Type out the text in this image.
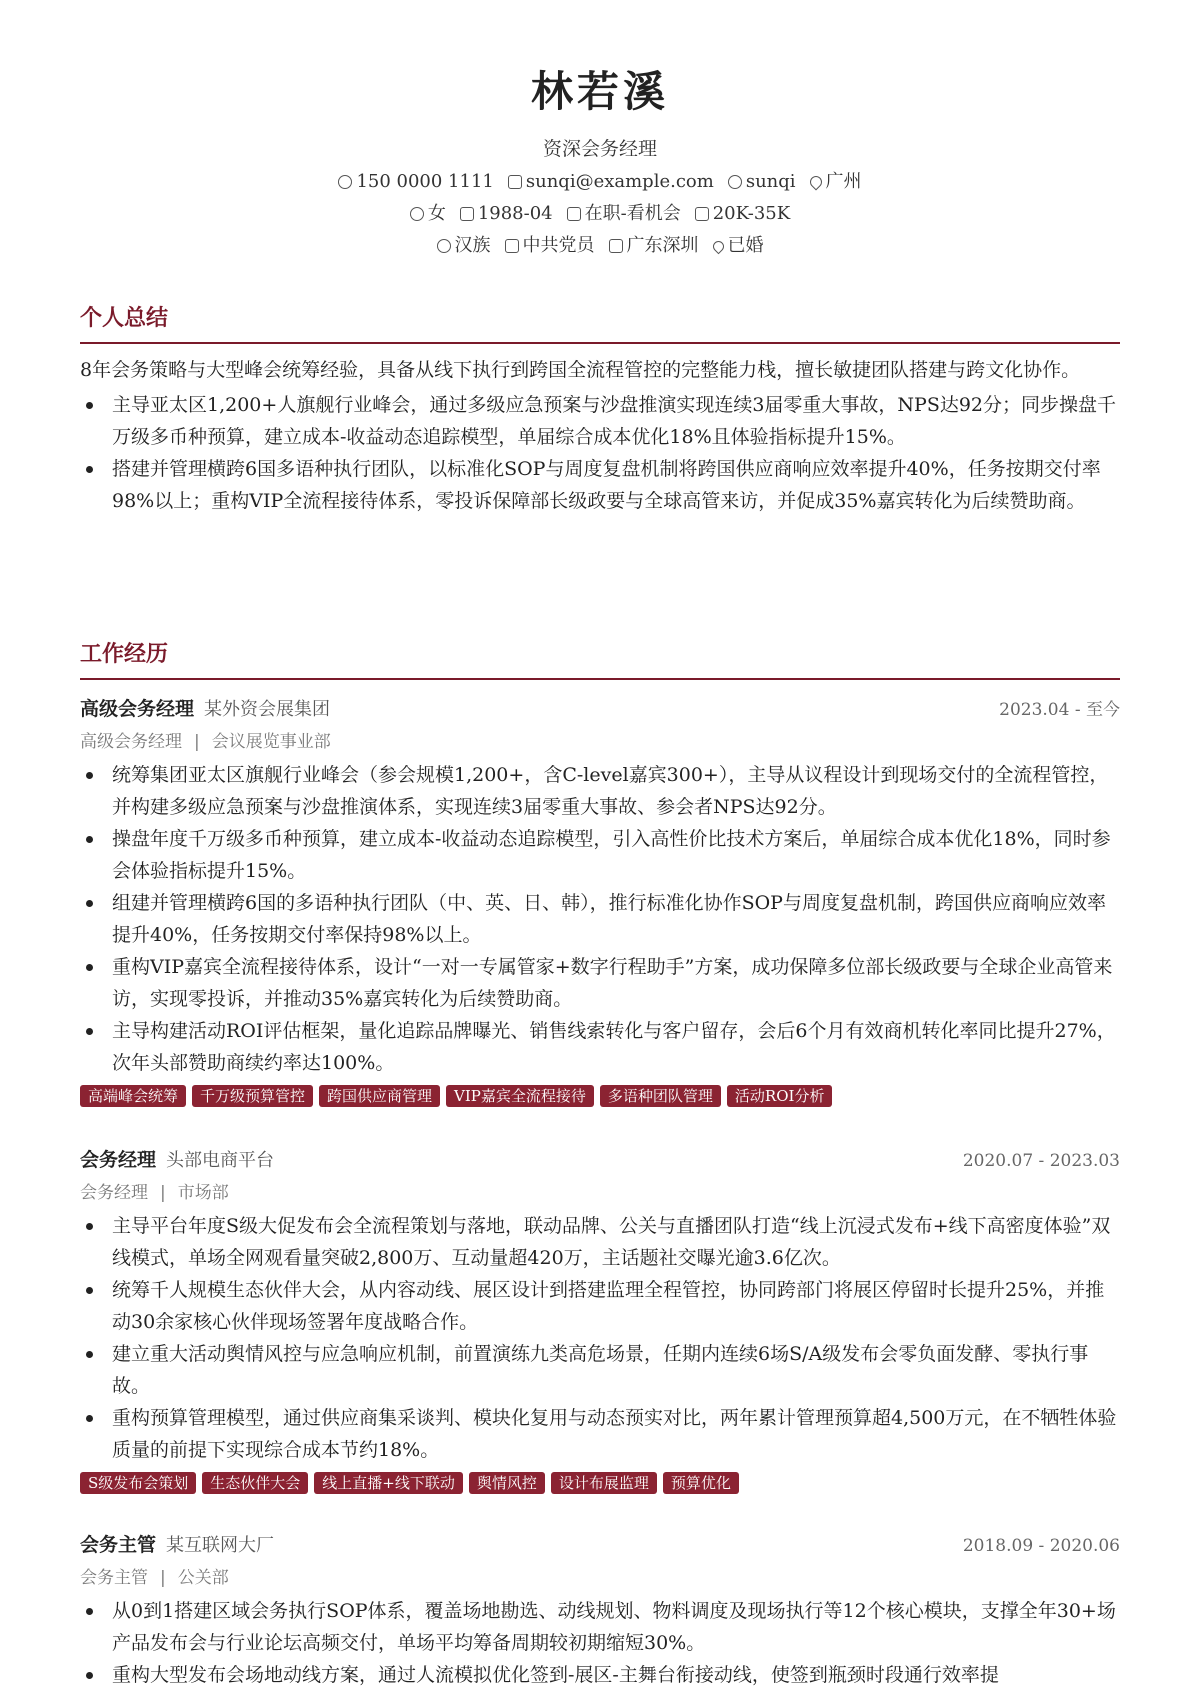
林若溪
资深会务经理
150 0000 1111 sunqi@example.com sunqi 广州
女 1988-04 在职-看机会 20K-35K
汉族 中共党员 广东深圳 已婚
个人总结

8年会务策略与大型峰会统筹经验，具备从线下执行到跨国全流程管控的完整能力栈，擅长敏捷团队搭建与跨文化协作。

主导亚太区1,200+人旗舰行业峰会，通过多级应急预案与沙盘推演实现连续3届零重大事故，NPS达92分；同步操盘千万级多币种预算，建立成本-收益动态追踪模型，单届综合成本优化18%且体验指标提升15%。
搭建并管理横跨6国多语种执行团队，以标准化SOP与周度复盘机制将跨国供应商响应效率提升40%，任务按期交付率98%以上；重构VIP全流程接待体系，零投诉保障部长级政要与全球高管来访，并促成35%嘉宾转化为后续赞助商。
工作经历
高级会务经理 某外资会展集团	2023.04 - 至今
高级会务经理 | 会议展览事业部
统筹集团亚太区旗舰行业峰会（参会规模1,200+，含C-level嘉宾300+），主导从议程设计到现场交付的全流程管控，并构建多级应急预案与沙盘推演体系，实现连续3届零重大事故、参会者NPS达92分。
操盘年度千万级多币种预算，建立成本-收益动态追踪模型，引入高性价比技术方案后，单届综合成本优化18%，同时参会体验指标提升15%。
组建并管理横跨6国的多语种执行团队（中、英、日、韩），推行标准化协作SOP与周度复盘机制，跨国供应商响应效率提升40%，任务按期交付率保持98%以上。
重构VIP嘉宾全流程接待体系，设计“一对一专属管家+数字行程助手”方案，成功保障多位部长级政要与全球企业高管来访，实现零投诉，并推动35%嘉宾转化为后续赞助商。
主导构建活动ROI评估框架，量化追踪品牌曝光、销售线索转化与客户留存，会后6个月有效商机转化率同比提升27%，次年头部赞助商续约率达100%。
高端峰会统筹	千万级预算管控	跨国供应商管理	VIP嘉宾全流程接待	多语种团队管理	活动ROI分析
会务经理 头部电商平台	2020.07 - 2023.03
会务经理 | 市场部
主导平台年度S级大促发布会全流程策划与落地，联动品牌、公关与直播团队打造“线上沉浸式发布+线下高密度体验”双线模式，单场全网观看量突破2,800万、互动量超420万，主话题社交曝光逾3.6亿次。
统筹千人规模生态伙伴大会，从内容动线、展区设计到搭建监理全程管控，协同跨部门将展区停留时长提升25%，并推动30余家核心伙伴现场签署年度战略合作。
建立重大活动舆情风控与应急响应机制，前置演练九类高危场景，任期内连续6场S/A级发布会零负面发酵、零执行事故。
重构预算管理模型，通过供应商集采谈判、模块化复用与动态预实对比，两年累计管理预算超4,500万元，在不牺牲体验质量的前提下实现综合成本节约18%。
S级发布会策划	生态伙伴大会	线上直播+线下联动	舆情风控	设计布展监理	预算优化
会务主管 某互联网大厂	2018.09 - 2020.06
会务主管 | 公关部
从0到1搭建区域会务执行SOP体系，覆盖场地勘选、动线规划、物料调度及现场执行等12个核心模块，支撑全年30+场产品发布会与行业论坛高频交付，单场平均筹备周期较初期缩短30%。
重构大型发布会场地动线方案，通过人流模拟优化签到-展区-主舞台衔接动线，使签到瓶颈时段通行效率提
